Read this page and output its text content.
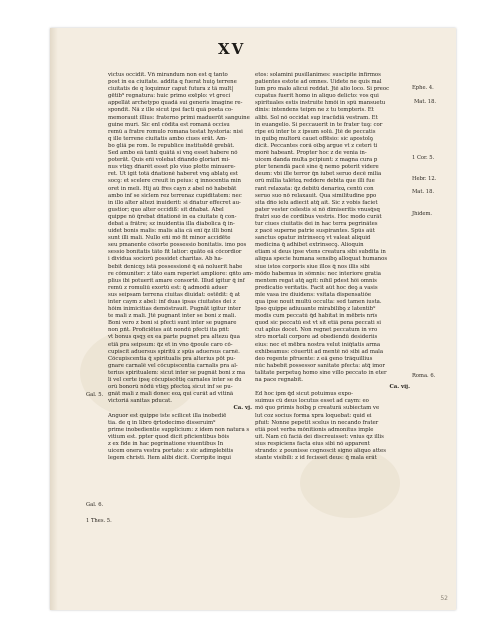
XV
victus occidit. Vñ mirandum non est q tanto
post in ea ciuitate. addita q fuerat huiꝯ terrene
ciuitatis de q loquimur caput futura z tã mult|
gētib⁹ regnatura: huic primo exēplo: vt greci
appellãt archetypo quadã sui generis imagine re-
spondit. Nã z ille sicut ipsi facti quã poeta co-
memorauit illius: fraterno primi maduerūt sanguine
guine muri. Sic enī cõdita est romanã occisu
remũ a fratre romulo romana testat hystoria: nisi
q ille terrene ciuitatis ambo ciues erāt. Am-
bo gliã pe rom. Ie republice instituēdē grebāt.
Sed ambo eã tanti quãtã si vnꝯ esset habere nõ
poterāt. Quis eñi volebat dñando gloriari mi-
nus vtiqȝ dñarẽt esset plo viuo plotte minuere-
ret. Ut igit totã dñationẽ haberet vnꝯ ablatꝯ est
socꝯ: et scelere creuit in peius: q innocentia min
oret in meli. Hij aũ fr̃es cayn z abel nõ habebāt
ambo inf se siclem rez terrenaz cupiditatem: nec
in illo alter altezi inuiderit: si dñatur effecret au-
gustior; quo alter occidiß: sit dñabat. Abel
quippe nõ q̃rebat dñationẽ in ea ciuitate q̃ con-
debat a frãtre; sz inuidentia illa diabolica q̃ in-
uidet bonis malis: malis alia cã enĩ q̃z illi boni
sunt illi mali. Nullo eñi mõ fit minor accidēte
seu pmanente cõsorte possessio bonitatis. imo pos
sessio bonitatis tãto fit latior: quāto eã cõcordior
i dividua sociorũ possidet charitas. Ab ha-
bebit denicqȝ istã possessionẽ q̃ eã noluerit habe
re cõmuniter: z tãto eam reperiet ampliore: qñto am-
plius ibi potuerit amare consortē. Illud igitur q̃ inf
remũ z romuliũ exortũ est: q̃ admodũ aduer
sus seipsam terrena ciuitas diuidat: ostēdit: q̃ at
inter caym z abel: inf duas ipsas ciuitates dei z
hõim inimicitias demõstrauit. Pugnāt igitur inter
te mali z mali. Jtẽ pugnant inter se boni z mali.
Boni vero z boni si pfecti sunt inter se pugnare
non pñt. Proficiētes aũt nondũ pfecti ita pñt:
vt bonus qsqȝ ex ea parte pugnet pra altezu q̃ua
etiā pra seipsum: q̃z et in vno q̃poule caro cõ-
cupiscit aduersus spiritũ z spũs aduersus carnẽ.
Cõcupiscentia q̃ spiritualis pra alterius pōt pu-
gnare carnalẽ vel cõcupiscentia carnalis pra al-
terius spiritualem: sicut inter se pugnãt boni z ma
li vel certe ipsę cõcupiscētię carnales inter se du
orũ bonorũ nõdũ vtiqȝ pfectoꝝ sicut inf se pu-
gnãt mali z mali donec eoꝝ qui curãt ad vitinã
victoriã sanitas pducat.
Ca. vj.
Anguor est quippe iste scilicet illa inobediē
tia. de q in libro q̃rtodecimo disseruim⁹
prime inobedientie supplicium: z idem non natura s
vitium est. ppter quod dicit pficientibus bõis
z ex fide in hac pegrinatione viuentibus In
uicem onera vestra portate: z sic adimplebitis
legem christi. Item alibi dicit. Corripite inqui
etos: solamini pusillanimes: suscipite infirmos
patientes estote ad omnes. Uidete ne quis mal
lum pro malo alicui reddat. Jtẽ alio loco. Si preoc
cupatus fuerit homo in aliquo delicto: vos qui
spirituales estis instruite hmõi in spũ mansuetu
dinis: intendens teipm ne z tu tempteris. Et
alibi. Sol nõ occidat sup iracūdiã vestram. Et
in euangelio. Si peccauerit in te frater tuꝯ: cor
ripe eũ inter te z ipsum solũ. Jtẽ de peccatis
in quibꝯ multorũ cauet offēsio: sic apostolꝯ
dicit. Peccantes corã oĩbꝯ argue vt z ceteri ti
morẽ habeant. Propter hoc z de venia in-
uicem danda multa pcipiunt: z magna cura p
pter tenendã pacẽ sine q̃ nemo poterit videre
deum: vbi ille terror q̃n iubet seruo decẽ milia
orũ millia talẽtoꝝ reddere debita que illi fue
rant relaxata: q̃z debitũ denarioꝝ centũ con
seruo suo nõ relaxauit. Qua similitudine ppo
sita dño ielu adiecit atq̃ ait. Sic z vobis faciet
pater vester celestis si nõ dimiseritis vnusq̃sq
fratri suo de cordibus vestris. Hoc modo curãt
tur ciues ciuitatis dei in hac terra pegrinãtes
z pacẽ superne patrie suspirantes. Spũs aũt
sanctus opatur intrinsecꝯ vt valeat aliquid
medicina q̃ adhibet extrinsecꝯ. Alioquin
etiam si deus ipse vtens creatura sibi subdita in
aliqua specie humana sensibꝯ alloquat humanos
siue istos corporis siue illos q̃ nos illis sibi
mõdo habemus in sõmnis: nec interiore gratia
mentem regat atq̃ agit: nihil pdest hõi omnis
predicatio veritatis. Facit aũt hoc deꝯ a vasis
mĩe vasa ire diuidens: vsitata dispensatiõe
qua ipse nouit multũ occulta: sed tamen iusta.
Ipso quippe adiuuante mirabilibꝯ z latentib⁹
modis cum peccatũ q̃d habitat in mēbris nrĩs
quod sic peccatũ est vt sit etiã pena peccati si
cut aplus docet. Non regnet peccatum in vro
stro mortali corpore ad obediendũ desideriis
eius: nec et mēbra nostra velut iniq̃tatis arma
exhibeamus: cõuertit ad mentẽ nõ sibi ad mala
deo regente pfruente: z eã geno trãquillius
nũc habebit possessor sanitate pfecta: atq̃ imor
talitate perpetuꝯ homo sine villo peccato in eter
na pace regnabit.
Ca. vij.
Ed hoc ipm q̃d sicut potuimus expo-
suimus cũ deus locutus esset ad caym: eo
mõ quo primis hoĩbꝯ p creaturã subiectam ve
lut coz socius forma xpra loquebat: quid ei
pfuit: Nonne pepetit scelus in necando frater
etiã post verba mõnitionis admonitus imple
uit. Nam cũ faciã dei discreuisset: vnius qz illis
sius respiciens facta eius sibi nõ apparent
strando: z pounisse cognoscit signo aliquo attes
stante visibili: z id fecisset deus: q̃ mala erãt
Ephe. 4.
Mat. 18.
1 Cor. 5.
Hebr. 12.
Mat. 18.
Jhidem.
Roma. 6.
Gal. 5.
Gal. 6.
1 Thes. 5.
52
